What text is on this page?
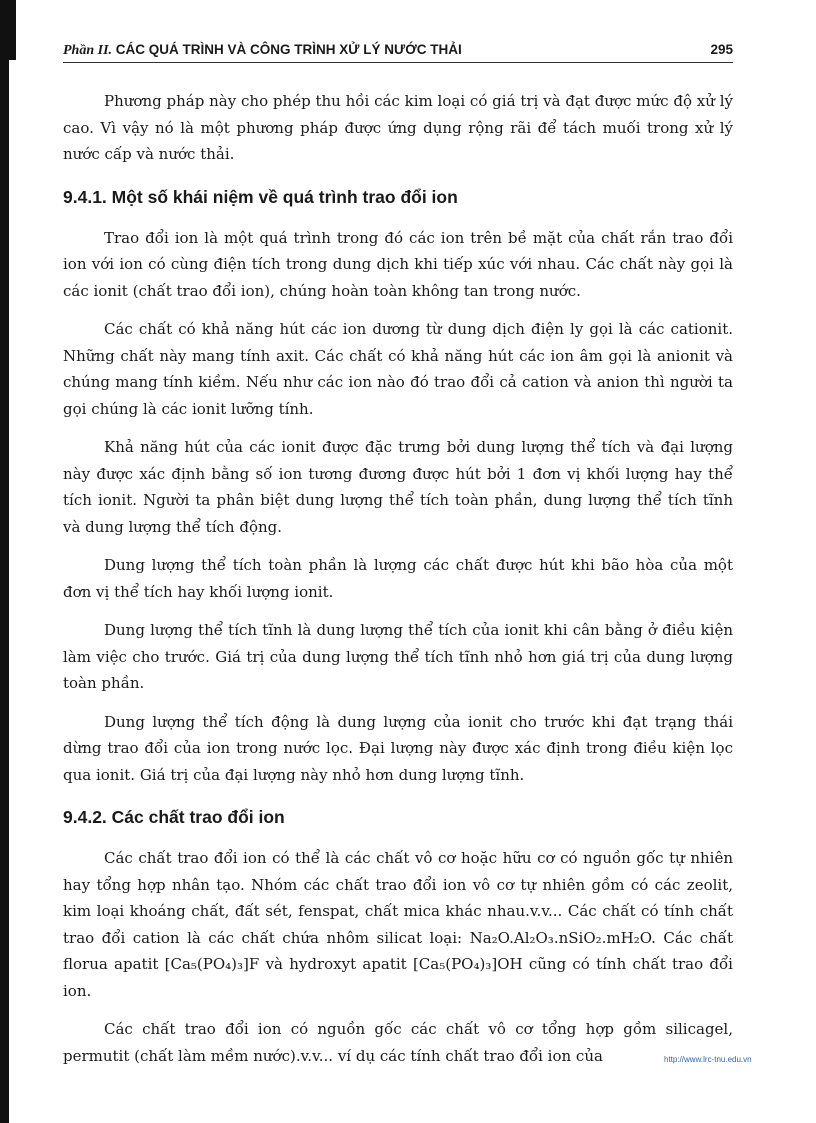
Phần II. CÁC QUÁ TRÌNH VÀ CÔNG TRÌNH XỬ LÝ NƯỚC THẢI	295

Phương pháp này cho phép thu hồi các kim loại có giá trị và đạt được mức độ xử lý cao. Vì vậy nó là một phương pháp được ứng dụng rộng rãi để tách muối trong xử lý nước cấp và nước thải.

9.4.1. Một số khái niệm về quá trình trao đổi ion

Trao đổi ion là một quá trình trong đó các ion trên bề mặt của chất rắn trao đổi ion với ion có cùng điện tích trong dung dịch khi tiếp xúc với nhau. Các chất này gọi là các ionit (chất trao đổi ion), chúng hoàn toàn không tan trong nước.

Các chất có khả năng hút các ion dương từ dung dịch điện ly gọi là các cationit. Những chất này mang tính axit. Các chất có khả năng hút các ion âm gọi là anionit và chúng mang tính kiềm. Nếu như các ion nào đó trao đổi cả cation và anion thì người ta gọi chúng là các ionit lưỡng tính.

Khả năng hút của các ionit được đặc trưng bởi dung lượng thể tích và đại lượng này được xác định bằng số ion tương đương được hút bởi 1 đơn vị khối lượng hay thể tích ionit. Người ta phân biệt dung lượng thể tích toàn phần, dung lượng thể tích tĩnh và dung lượng thể tích động.

Dung lượng thể tích toàn phần là lượng các chất được hút khi bão hòa của một đơn vị thể tích hay khối lượng ionit.

Dung lượng thể tích tĩnh là dung lượng thể tích của ionit khi cân bằng ở điều kiện làm việc cho trước. Giá trị của dung lượng thể tích tĩnh nhỏ hơn giá trị của dung lượng toàn phần.

Dung lượng thể tích động là dung lượng của ionit cho trước khi đạt trạng thái dừng trao đổi của ion trong nước lọc. Đại lượng này được xác định trong điều kiện lọc qua ionit. Giá trị của đại lượng này nhỏ hơn dung lượng tĩnh.

9.4.2. Các chất trao đổi ion

Các chất trao đổi ion có thể là các chất vô cơ hoặc hữu cơ có nguồn gốc tự nhiên hay tổng hợp nhân tạo. Nhóm các chất trao đổi ion vô cơ tự nhiên gồm có các zeolit, kim loại khoáng chất, đất sét, fenspat, chất mica khác nhau.v.v... Các chất có tính chất trao đổi cation là các chất chứa nhôm silicat loại: Na₂O.Al₂O₃.nSiO₂.mH₂O. Các chất florua apatit [Ca₅(PO₄)₃]F và hydroxyt apatit [Ca₅(PO₄)₃]OH cũng có tính chất trao đổi ion.

Các chất trao đổi ion có nguồn gốc các chất vô cơ tổng hợp gồm silicagel, permutit (chất làm mềm nước).v.v... ví dụ các tính chất trao đổi ion của	http://www.lrc-tnu.edu.vn
